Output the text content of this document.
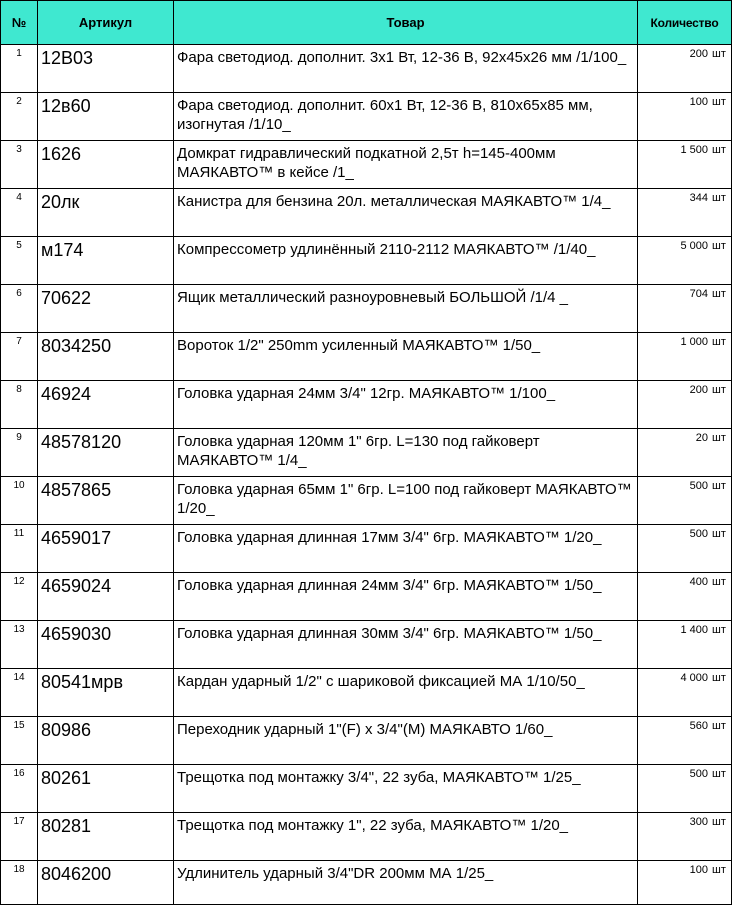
№	Артикул	Товар	Количество
1	12В03	Фара светодиод. дополнит. 3х1 Вт, 12-36 В, 92х45х26 мм /1/100_	200 шт

2	12в60	Фара светодиод. дополнит. 60х1 Вт, 12-36 В, 810х65х85 мм, изогнутая /1/10_	100 шт

3	1626	Домкрат гидравлический подкатной 2,5т h=145-400мм МАЯКАВТО™ в кейсе /1_	1 500 шт

4	20лк	Канистра для бензина 20л. металлическая МАЯКАВТО™ 1/4_	344 шт

5	м174	Компрессометр удлинённый 2110-2112 МАЯКАВТО™ /1/40_	5 000 шт

6	70622	Ящик металлический разноуровневый БОЛЬШОЙ /1/4 _	704 шт

7	8034250	Вороток 1/2" 250mm усиленный МАЯКАВТО™ 1/50_	1 000 шт

8	46924	Головка ударная 24мм 3/4" 12гр. МАЯКАВТО™ 1/100_	200 шт

9	48578120	Головка ударная 120мм 1" 6гр. L=130 под гайковерт МАЯКАВТО™ 1/4_	20 шт

10	4857865	Головка ударная 65мм 1" 6гр. L=100 под гайковерт МАЯКАВТО™ 1/20_	500 шт

11	4659017	Головка ударная длинная 17мм 3/4" 6гр. МАЯКАВТО™ 1/20_	500 шт

12	4659024	Головка ударная длинная 24мм 3/4" 6гр. МАЯКАВТО™ 1/50_	400 шт

13	4659030	Головка ударная длинная 30мм 3/4" 6гр. МАЯКАВТО™ 1/50_	1 400 шт

14	80541мрв	Кардан ударный 1/2" с шариковой фиксацией МА 1/10/50_	4 000 шт

15	80986	Переходник ударный 1"(F) х 3/4"(M) МАЯКАВТО 1/60_	560 шт

16	80261	Трещотка под монтажку 3/4", 22 зуба, МАЯКАВТО™ 1/25_	500 шт

17	80281	Трещотка под монтажку 1", 22 зуба, МАЯКАВТО™ 1/20_	300 шт

18	8046200	Удлинитель ударный 3/4"DR 200мм МА 1/25_	100 шт
